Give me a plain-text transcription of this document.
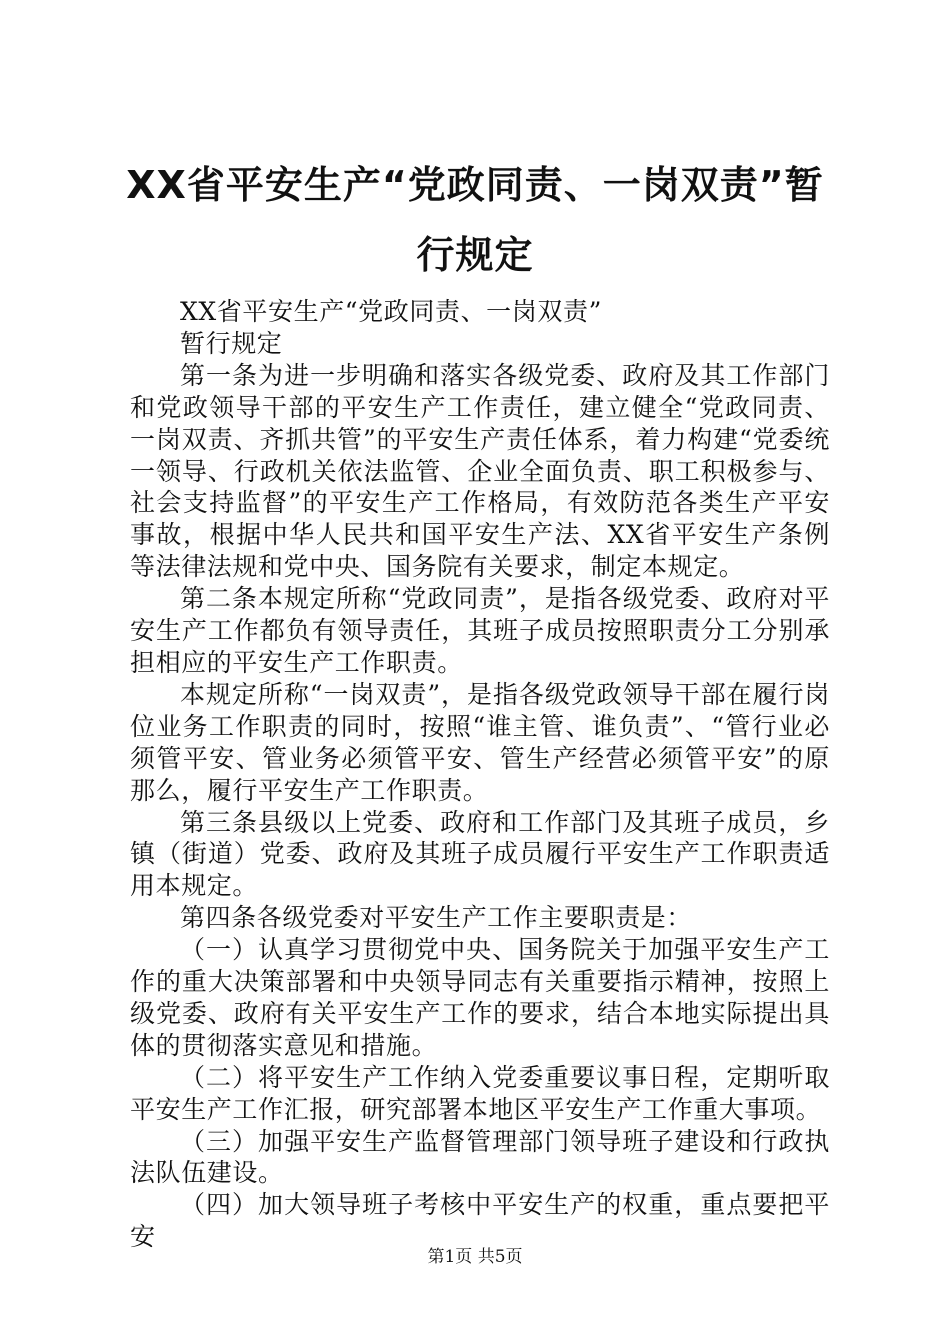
XX省平安生产“党政同责、一岗双责”暂行规定

XX省平安生产“党政同责、一岗双责”

暂行规定

第一条为进一步明确和落实各级党委、政府及其工作部门和党政领导干部的平安生产工作责任，建立健全“党政同责、一岗双责、齐抓共管”的平安生产责任体系，着力构建“党委统一领导、行政机关依法监管、企业全面负责、职工积极参与、社会支持监督”的平安生产工作格局，有效防范各类生产平安事故，根据中华人民共和国平安生产法、XX省平安生产条例等法律法规和党中央、国务院有关要求，制定本规定。

第二条本规定所称“党政同责”，是指各级党委、政府对平安生产工作都负有领导责任，其班子成员按照职责分工分别承担相应的平安生产工作职责。

本规定所称“一岗双责”，是指各级党政领导干部在履行岗位业务工作职责的同时，按照“谁主管、谁负责”、“管行业必须管平安、管业务必须管平安、管生产经营必须管平安”的原那么，履行平安生产工作职责。

第三条县级以上党委、政府和工作部门及其班子成员，乡镇（街道）党委、政府及其班子成员履行平安生产工作职责适用本规定。

第四条各级党委对平安生产工作主要职责是：

（一）认真学习贯彻党中央、国务院关于加强平安生产工作的重大决策部署和中央领导同志有关重要指示精神，按照上级党委、政府有关平安生产工作的要求，结合本地实际提出具体的贯彻落实意见和措施。

（二）将平安生产工作纳入党委重要议事日程，定期听取平安生产工作汇报，研究部署本地区平安生产工作重大事项。

（三）加强平安生产监督管理部门领导班子建设和行政执法队伍建设。

（四）加大领导班子考核中平安生产的权重，重点要把平安

第1页 共5页
